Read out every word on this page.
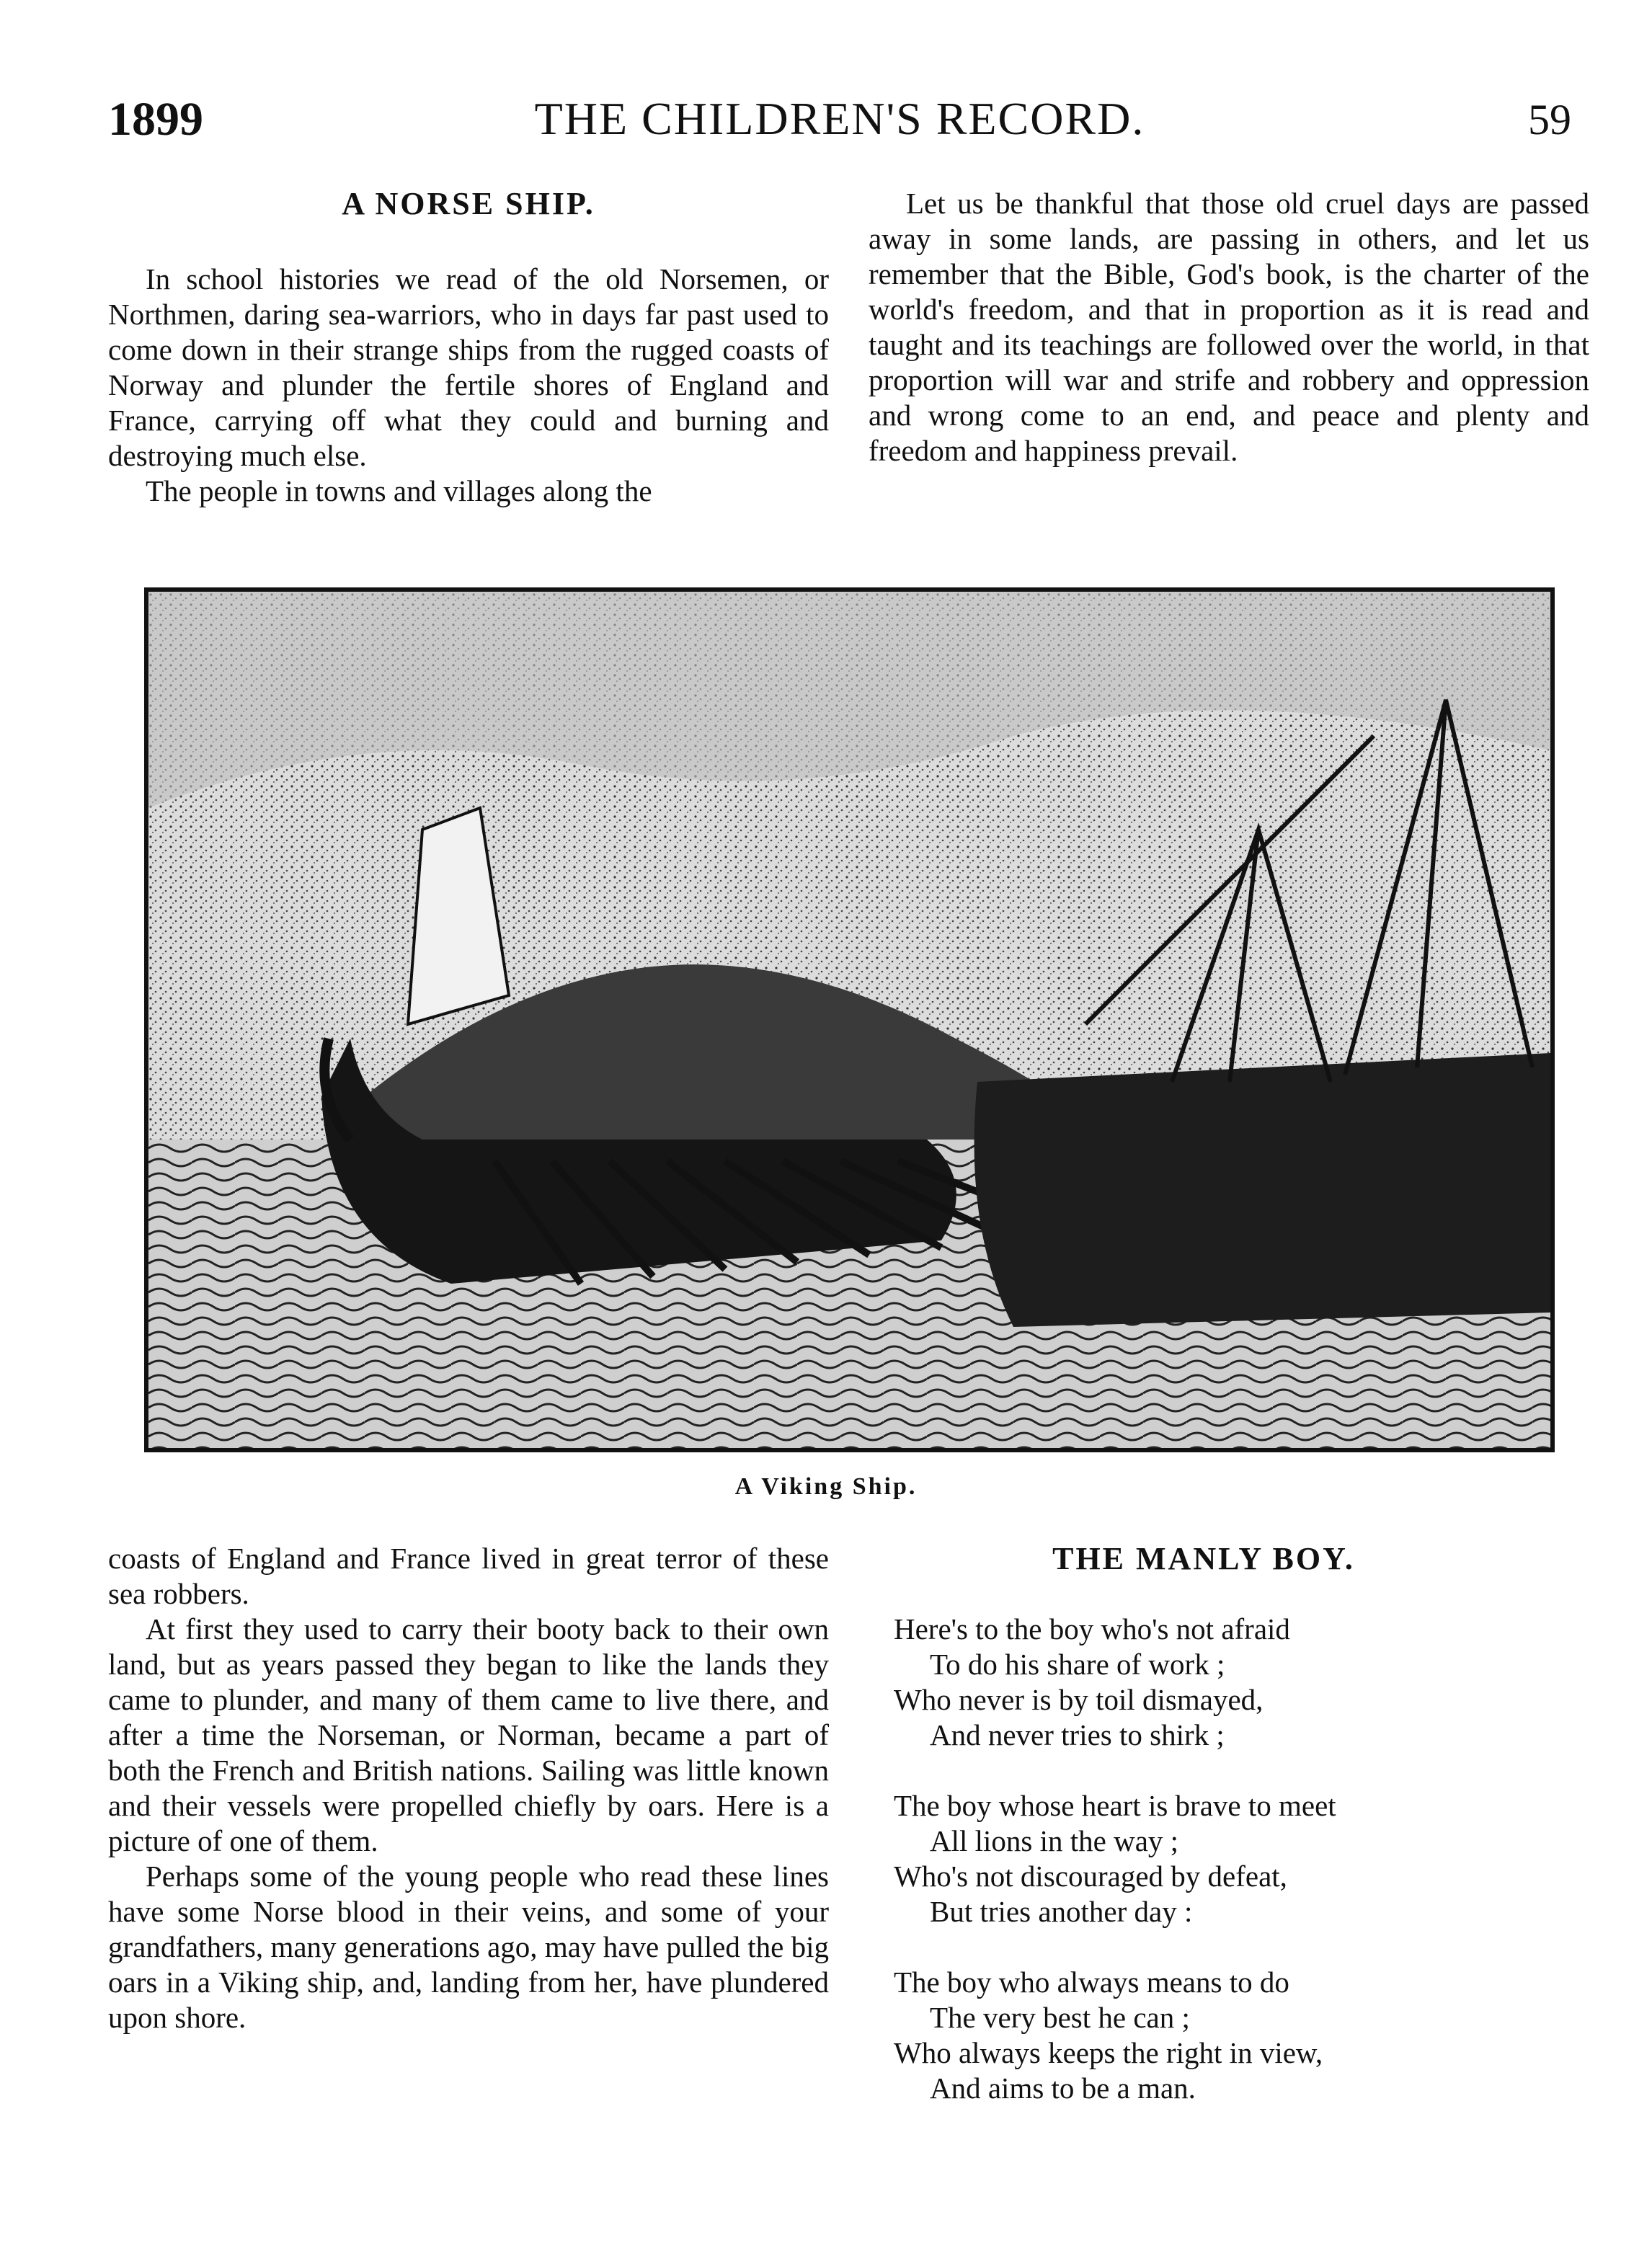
1899	THE CHILDREN'S RECORD.	59
A NORSE SHIP.

In school histories we read of the old Norsemen, or Northmen, daring sea-warriors, who in days far past used to come down in their strange ships from the rugged coasts of Norway and plunder the fertile shores of England and France, carrying off what they could and burning and destroying much else.

The people in towns and villages along the

Let us be thankful that those old cruel days are passed away in some lands, are passing in others, and let us remember that the Bible, God's book, is the charter of the world's freedom, and that in proportion as it is read and taught and its teachings are followed over the world, in that proportion will war and strife and robbery and oppression and wrong come to an end, and peace and plenty and freedom and happiness prevail.

A Viking Ship.

coasts of England and France lived in great terror of these sea robbers.

At first they used to carry their booty back to their own land, but as years passed they began to like the lands they came to plunder, and many of them came to live there, and after a time the Norseman, or Norman, became a part of both the French and British nations. Sailing was little known and their vessels were propelled chiefly by oars. Here is a picture of one of them.

Perhaps some of the young people who read these lines have some Norse blood in their veins, and some of your grandfathers, many generations ago, may have pulled the big oars in a Viking ship, and, landing from her, have plundered upon shore.

THE MANLY BOY.
Here's to the boy who's not afraid
To do his share of work ;
Who never is by toil dismayed,
And never tries to shirk ;
The boy whose heart is brave to meet
All lions in the way ;
Who's not discouraged by defeat,
But tries another day :
The boy who always means to do
The very best he can ;
Who always keeps the right in view,
And aims to be a man.
